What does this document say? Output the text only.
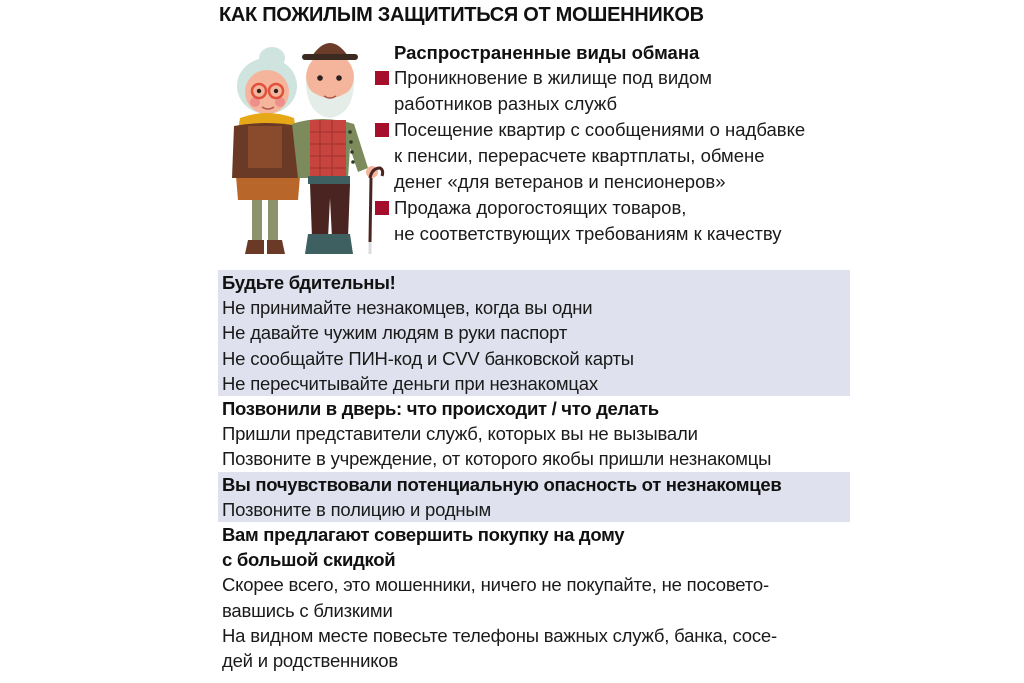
КАК ПОЖИЛЫМ ЗАЩИТИТЬСЯ ОТ МОШЕННИКОВ
Распространенные виды обмана
Проникновение в жилище под видом
работников разных служб
Посещение квартир с сообщениями о надбавке
к пенсии, перерасчете квартплаты, обмене
денег «для ветеранов и пенсионеров»
Продажа дорогостоящих товаров,
не соответствующих требованиям к качеству
Будьте бдительны!
Не принимайте незнакомцев, когда вы одни
Не давайте чужим людям в руки паспорт
Не сообщайте ПИН-код и CVV банковской карты
Не пересчитывайте деньги при незнакомцах
Позвонили в дверь: что происходит / что делать
Пришли представители служб, которых вы не вызывали
Позвоните в учреждение, от которого якобы пришли незнакомцы
Вы почувствовали потенциальную опасность от незнакомцев
Позвоните в полицию и родным
Вам предлагают совершить покупку на дому
с большой скидкой
Скорее всего, это мошенники, ничего не покупайте, не посовето-
вавшись с близкими
На видном месте повесьте телефоны важных служб, банка, сосе-
дей и родственников
